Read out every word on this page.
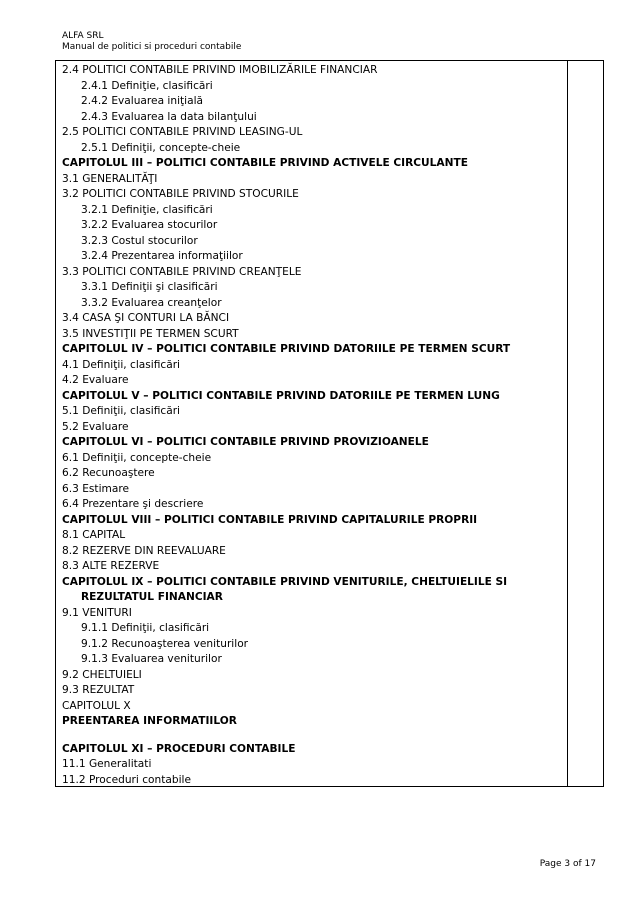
ALFA SRL
Manual de politici si proceduri contabile
2.4 POLITICI CONTABILE PRIVIND IMOBILIZĂRILE FINANCIAR
2.4.1 Definiţie, clasificări
2.4.2 Evaluarea iniţială
2.4.3 Evaluarea la data bilanţului
2.5 POLITICI CONTABILE PRIVIND LEASING-UL
2.5.1 Definiţii, concepte-cheie
CAPITOLUL III – POLITICI CONTABILE PRIVIND ACTIVELE CIRCULANTE
3.1 GENERALITĂŢI
3.2 POLITICI CONTABILE PRIVIND STOCURILE
3.2.1 Definiţie, clasificări
3.2.2 Evaluarea stocurilor
3.2.3 Costul stocurilor
3.2.4 Prezentarea informaţiilor
3.3 POLITICI CONTABILE PRIVIND CREANŢELE
3.3.1 Definiţii şi clasificări
3.3.2 Evaluarea creanţelor
3.4 CASA ŞI CONTURI LA BĂNCI
3.5 INVESTIŢII PE TERMEN SCURT
CAPITOLUL IV – POLITICI CONTABILE PRIVIND DATORIILE PE TERMEN SCURT
4.1 Definiţii, clasificări
4.2 Evaluare
CAPITOLUL V – POLITICI CONTABILE PRIVIND DATORIILE PE TERMEN LUNG
5.1 Definiţii, clasificări
5.2 Evaluare
CAPITOLUL VI – POLITICI CONTABILE PRIVIND PROVIZIOANELE
6.1 Definiţii, concepte-cheie
6.2 Recunoaştere
6.3 Estimare
6.4 Prezentare şi descriere
CAPITOLUL VIII – POLITICI CONTABILE PRIVIND CAPITALURILE PROPRII
8.1 CAPITAL
8.2 REZERVE DIN REEVALUARE
8.3 ALTE REZERVE
CAPITOLUL IX – POLITICI CONTABILE PRIVIND VENITURILE, CHELTUIELILE SI
REZULTATUL FINANCIAR
9.1 VENITURI
9.1.1 Definiţii, clasificări
9.1.2 Recunoaşterea veniturilor
9.1.3 Evaluarea veniturilor
9.2 CHELTUIELI
9.3 REZULTAT
CAPITOLUL X
PREENTAREA INFORMATIILOR
CAPITOLUL XI – PROCEDURI CONTABILE
11.1 Generalitati
11.2 Proceduri contabile
Page 3 of 17
